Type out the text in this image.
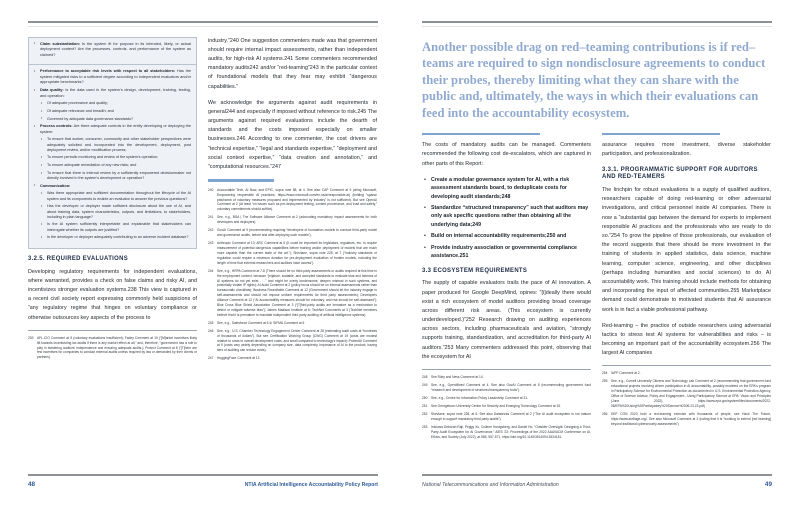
• Claim substantiation: Is the system fit for purpose in its intended, likely, or actual deployment context? Are the processes, controls, and performance of the system as claimed?
• Performance to acceptable risk levels with respect to all stakeholders: Has the system mitigated risks to a sufficient degree according to independent evaluators and/or appropriate benchmarks?
• Data quality: Is the data used in the system's design, development, training, testing, and operation:
• Of adequate provenance and quality;
• Of adequate relevance and breadth; and
• Governed by adequate data governance standards?
• Process controls: Are there adequate controls in the entity developing or deploying the system:
• To ensure that worker, consumer, community and other stakeholder perspectives were adequately solicited and incorporated into the development, deployment, post deployment review, and/or modification process;
• To ensure periodic monitoring and review of the system's operation;
• To ensure adequate remediation of any new risks; and
• To ensure that there is internal review by a sufficiently empowered decisionmaker not directly involved in the system's development or operation?
• Communication:
• Was there appropriate and sufficient documentation throughout the lifecycle of the AI system and its components to enable an evaluator to answer the previous questions?
• Has the developer or deployer made sufficient disclosure about the use of AI, and about training data, system characteristics, outputs, and limitations, to stakeholders, including in plain language?
• Is the AI system sufficiently interpretable and explainable that stakeholders can interrogate whether its outputs are justified?
• Is the developer or deployer adequately contributing to an adverse incident database?
3.2.5. REQUIRED EVALUATIONS

Developing regulatory requirements for independent evaluations, where warranted, provides a check on false claims and risky AI, and incentivizes stronger evaluation systems.238 This view is captured in a recent civil society report expressing commonly held suspicions of “any regulatory regime that hinges on voluntary compliance or otherwise outsources key aspects of the process to

239	AFL-CIO Comment at 5 (voluntary evaluations insufficient); Farley Comment at 19 (“[M]arket incentives likely tilt towards incentivizing lax audits if there is any market effect at all,” and, therefore, “government has a role to play in bolstering auditors' independence and ensuring adequate audits.); Protect Comment at 8 (“[T]here are few incentives for companies to conduct external audits unless required by law or demanded by their clients or partners).

industry.”240 One suggestion commenters made was that government should require internal impact assessments, rather than independent audits, for high-risk AI systems.241 Some commenters recommended mandatory audits242 and/or “red-teaming”243 in the particular context of foundational models that they fear may exhibit “dangerous capabilities.”

We acknowledge the arguments against audit requirements in general244 and especially if imposed without reference to risk.245 The arguments against required evaluations include the dearth of standards and the costs imposed especially on smaller businesses.246 According to one commenter, the cost drivers are “technical expertise,” “legal and standards expertise,” “deployment and social context expertise,” “data creation and annotation,” and “computational resources.”247

240	Accountable Tech, AI Now, and EPIC, supra note 58, at 4. See also CAP Comment at 9 (citing Microsoft, Empowering responsible AI practices, https://www.microsoft.com/en-us/ai/responsible-ai) (knitting “sparse patchwork of voluntary measures proposed and implemented by industry” is not sufficient). But see OpenAI Comment at 2 (At least “on issues such as pre-deployment testing, content provenance, and trust and safety,” voluntary commitments should suffice).
241	See, e.g., BSA | The Software Alliance Comment at 2 (advocating mandatory impact assessments for both developers and deployers).
242	GovAI Comment at 9 (recommending requiring “developers of foundation models to conduct third-party model and governance audits, before and after deploying such models”).
243	Anthropic Comment at 10; ARC Comment at 6 (It could be important for legislators, regulators, etc. to require measurement of potential dangerous capabilities before training and/or deployment of models that are much more capable than the current state of the art.”); Shevlane, supra note 228, at 7 (“Industry standards or regulation could require a minimum duration for pre-deployment evaluation of frontier models, including the length of time that external researchers and auditors have access”).
244	See, e.g., HRPA Comment at 7-8 (There should be no third-party assessments or audits required at this time in the employment context, because “[m]ature, scalable, and accepted standards to evaluate bias and fairness of AI systems do not yet exist . . .” and might be overly burdensome, deepen mistrust in such systems, and potentially violate IP rights); AI Audit Comment at 2 (policy focus should be on internal assessments rather than bureaucratic checklists); Business Roundtable Comment at 12 (Government should let the industry engage in self-assessments and should not impose uniform requirements for third party assessments); Developers Alliance Comment at 12 (“AI accountability measures should be voluntary, and risk should be self-assessed”); Blue Cross Blue Shield Association Comment at 3 (“[T]hird-party audits are immature as a mechanism to detect or mitigate adverse bias”); James Madison Institute at 6; TechNet Comments at 3 (TechNet members believe that it is premature to mandate independent third party auditing of artificial intelligence systems).
245	See, e.g., Salesforce Comment at 5-6; SIFMA Comment at 6
246	See, e.g., U.S. Chamber Technology Engagement Center Comment at 28 (estimating audit costs at “hundreds of thousands of dollars”). But see Certification Working Group (CWG) Comment at 19 (costs are modest relative to costs to overall development costs, and small compared to technology's impact); ProtectAI Comment at 9 (costs vary widely depending on company size, data complexity, importance of AI to the product; having tiers of auditing can reduce costs).
247	HuggingFace Comment at 12.
48	NTIA Artificial Intelligence Accountability Policy Report
Another possible drag on red–teaming contributions is if red–teams are required to sign nondisclosure agreements to conduct their probes, thereby limiting what they can share with the public and, ultimately, the ways in which their evaluations can feed into the accountability ecosystem.

The costs of mandatory audits can be managed. Commenters recommended the following cost de-escalators, which are captured in other parts of this Report:

• Create a modular governance system for AI, with a risk assessment standards board, to deduplicate costs for developing audit standards;248
• Standardize “structured transparency” such that auditors may only ask specific questions rather than obtaining all the underlying data;249
• Build on internal accountability requirements;250 and
• Provide industry association or governmental compliance assistance.251
3.3 ECOSYSTEM REQUIREMENTS

The supply of capable evaluators trails the pace of AI innovation. A paper produced for Google DeepMind, opines: “[i]deally there would exist a rich ecosystem of model auditors providing broad coverage across different risk areas. (This ecosystem is currently underdeveloped.)”252 Research drawing on auditing experiences across sectors, including pharmaceuticals and aviation, “strongly supports training, standardization, and accreditation for third-party AI auditors.”253 Many commenters addressed this point, observing that the ecosystem for AI

248	See Riley and Ness Comment at 14.
249	See, e.g., OpenMined Comment at 4. See also GovAI Comment at 8 (recommending government fund “research and development of structured transparency tools”).
250	See, e.g., Centre for Information Policy Leadership Comment at 31.
251	See Georgetown University Center for Security and Emerging Technology Comment at 15.
252	Shevlane, supra note 228, at 6. See also Databricks Comment at 2 (“The AI audit ecosystem is not mature enough to support mandatory third party audits”).
253	Inioluwa Deborah Raji, Peggy Xu, Colleen Honigsberg, and Daniel Ho, “Outsider Oversight: Designing a Third-Party Audit Ecosystem for AI Governance,” AIES '22: Proceedings of the 2022 AAAI/ACM Conference on AI, Ethics, and Society (July 2022), at 565, 557-571, https://doi.org/10.1145/3514094.3534181.

assurance requires more investment, diverse stakeholder participation, and professionalization.

3.3.1. PROGRAMMATIC SUPPORT FOR AUDITORS AND RED-TEAMERS

The linchpin for robust evaluations is a supply of qualified auditors, researchers capable of doing red-teaming or other adversarial investigations, and critical personnel inside AI companies. There is now a “substantial gap between the demand for experts to implement responsible AI practices and the professionals who are ready to do so.”254 To grow the pipeline of those professionals, our evaluation of the record suggests that there should be more investment in the training of students in applied statistics, data science, machine learning, computer science, engineering, and other disciplines (perhaps including humanities and social sciences) to do AI accountability work. This training should include methods for obtaining and incorporating the input of affected communities.255 Marketplace demand could demonstrate to motivated students that AI assurance work is in fact a viable professional pathway.

Red-teaming – the practice of outside researchers using adversarial tactics to stress test AI systems for vulnerabilities and risks – is becoming an important part of the accountability ecosystem.256 The largest AI companies

254	IAPP Comment at 2.
255	See, e.g., Cornell University Citizens and Technology Lab Comment at 2 (recommending that government fund educational projects involving citizen participation in AI accountability, possibly modeled on the EPA's program in Participatory Science for Environmental Protection as documented in U.S. Environmental Protection Agency, Office of Science Advisor, Policy and Engagement., Using Participatory Science at EPA: Vision and Principles (June 2022), https://www.epa.gov/system/files/documents/2022-06/EPA%20Using%20Participatory%20Science%2006.23.22.pdf)
256	DEF CON 2023 held a red-teaming exercise with thousands of people; see Hack The Future, https://www.aivillage.org/. See also Microsoft Comment at 3 (noting that it is “working to extend [red teaming] beyond traditional cybersecurity assessments”)
National Telecommunications and Information Administration	49
